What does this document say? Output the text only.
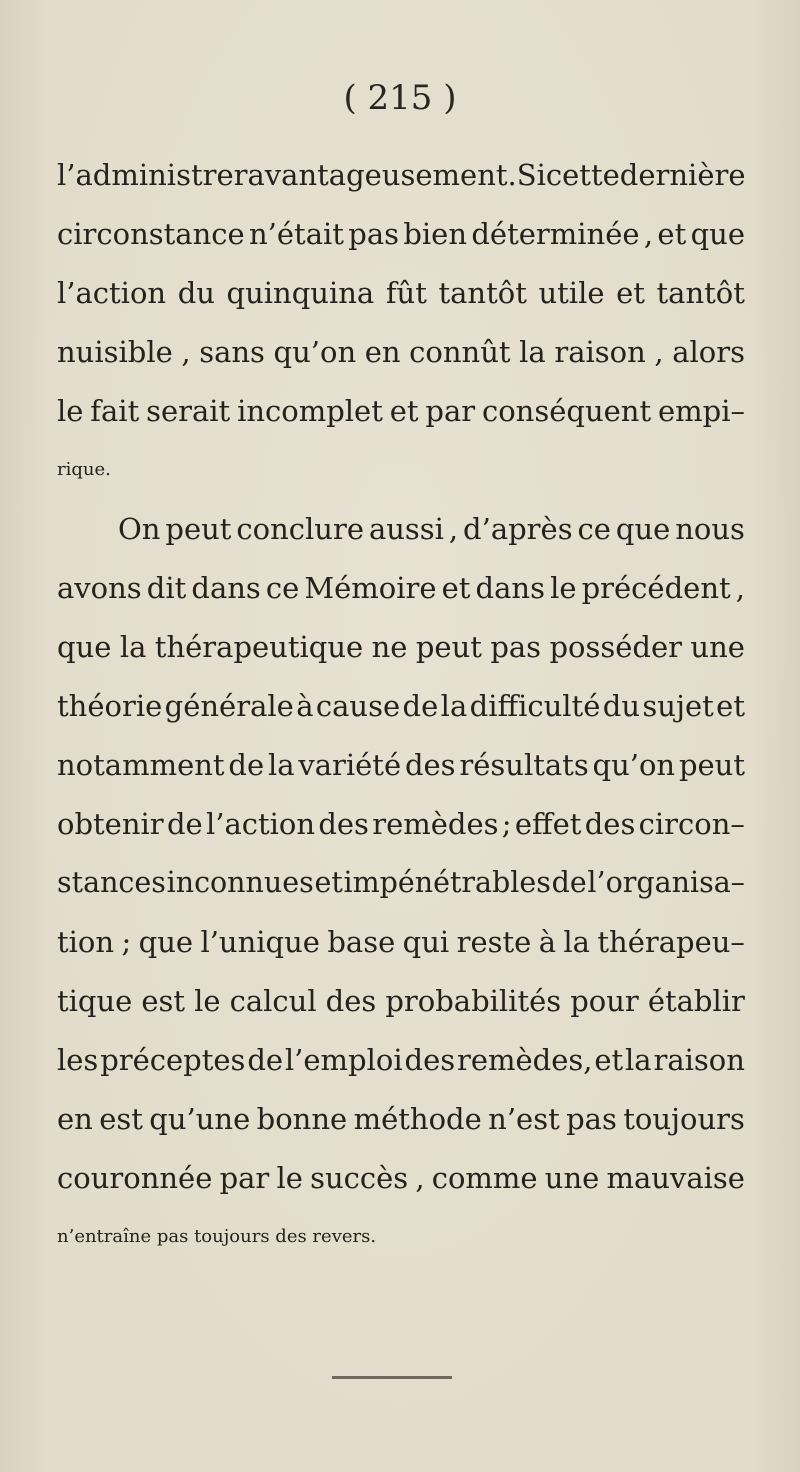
( 215 )
l’administrer avantageusement. Si cette dernière
circonstance n’était pas bien déterminée , et que
l’action du quinquina fût tantôt utile et tantôt
nuisible , sans qu’on en connût la raison , alors
le fait serait incomplet et par conséquent empi–
rique.
On peut conclure aussi , d’après ce que nous
avons dit dans ce Mémoire et dans le précédent ,
que la thérapeutique ne peut pas posséder une
théorie générale à cause de la difficulté du sujet et
notamment de la variété des résultats qu’on peut
obtenir de l’action des remèdes ; effet des circon–
stances inconnues et impénétrables de l’organisa–
tion ; que l’unique base qui reste à la thérapeu–
tique est le calcul des probabilités pour établir
les préceptes de l’emploi des remèdes, et la raison
en est qu’une bonne méthode n’est pas toujours
couronnée par le succès , comme une mauvaise
n’entraîne pas toujours des revers.
